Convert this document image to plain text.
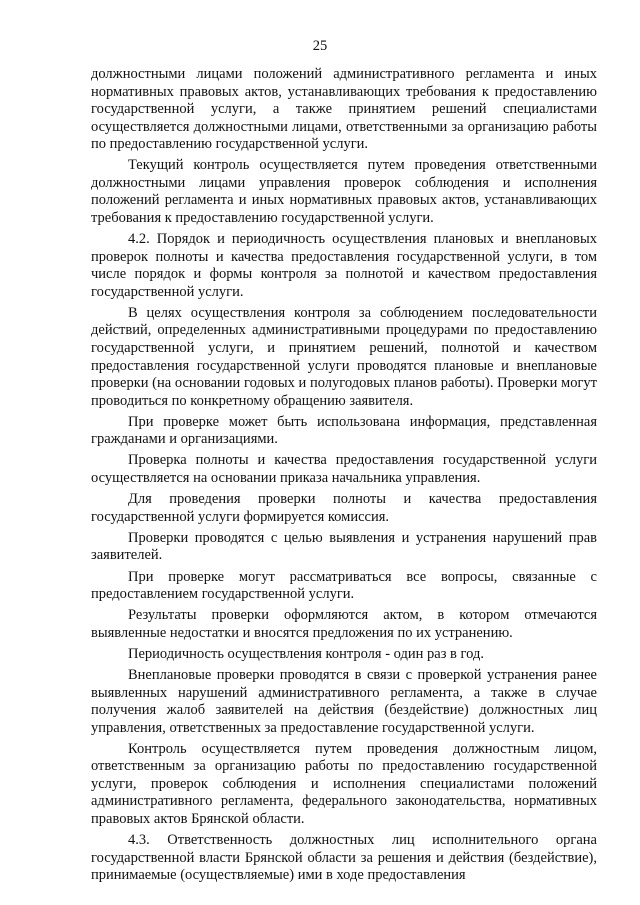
25

должностными лицами положений административного регламента и иных нормативных правовых актов, устанавливающих требования к предоставлению государственной услуги, а также принятием решений специалистами осуществляется должностными лицами, ответственными за организацию работы по предоставлению государственной услуги.

Текущий контроль осуществляется путем проведения ответственными должностными лицами управления проверок соблюдения и исполнения положений регламента и иных нормативных правовых актов, устанавливающих требования к предоставлению государственной услуги.

4.2. Порядок и периодичность осуществления плановых и внеплановых проверок полноты и качества предоставления государственной услуги, в том числе порядок и формы контроля за полнотой и качеством предоставления государственной услуги.

В целях осуществления контроля за соблюдением последовательности действий, определенных административными процедурами по предоставлению государственной услуги, и принятием решений, полнотой и качеством предоставления государственной услуги проводятся плановые и внеплановые проверки (на основании годовых и полугодовых планов работы). Проверки могут проводиться по конкретному обращению заявителя.

При проверке может быть использована информация, представленная гражданами и организациями.

Проверка полноты и качества предоставления государственной услуги осуществляется на основании приказа начальника управления.

Для проведения проверки полноты и качества предоставления государственной услуги формируется комиссия.

Проверки проводятся с целью выявления и устранения нарушений прав заявителей.

При проверке могут рассматриваться все вопросы, связанные с предоставлением государственной услуги.

Результаты проверки оформляются актом, в котором отмечаются выявленные недостатки и вносятся предложения по их устранению.

Периодичность осуществления контроля - один раз в год.

Внеплановые проверки проводятся в связи с проверкой устранения ранее выявленных нарушений административного регламента, а также в случае получения жалоб заявителей на действия (бездействие) должностных лиц управления, ответственных за предоставление государственной услуги.

Контроль осуществляется путем проведения должностным лицом, ответственным за организацию работы по предоставлению государственной услуги, проверок соблюдения и исполнения специалистами положений административного регламента, федерального законодательства, нормативных правовых актов Брянской области.

4.3. Ответственность должностных лиц исполнительного органа государственной власти Брянской области за решения и действия (бездействие), принимаемые (осуществляемые) ими в ходе предоставления
